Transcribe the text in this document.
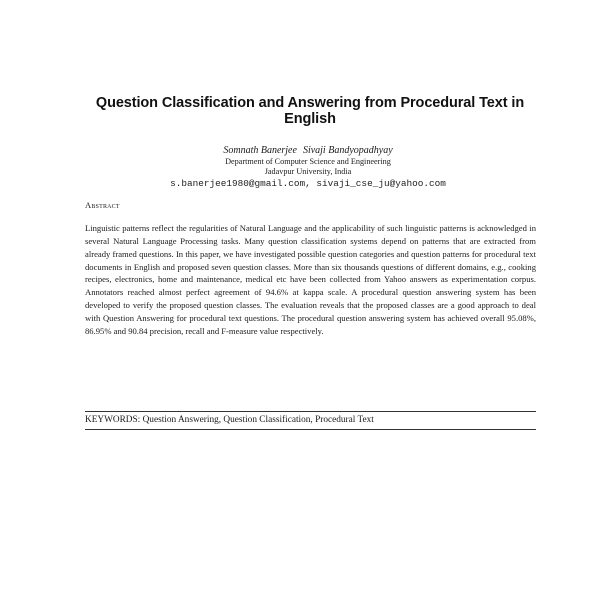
Question Classification and Answering from Procedural Text in English
Somnath Banerjee Sivaji Bandyopadhyay
Department of Computer Science and Engineering
Jadavpur University, India
s.banerjee1980@gmail.com, sivaji_cse_ju@yahoo.com
Abstract
Linguistic patterns reflect the regularities of Natural Language and the applicability of such linguistic patterns is acknowledged in several Natural Language Processing tasks. Many question classification systems depend on patterns that are extracted from already framed questions. In this paper, we have investigated possible question categories and question patterns for procedural text documents in English and proposed seven question classes. More than six thousands questions of different domains, e.g., cooking recipes, electronics, home and maintenance, medical etc have been collected from Yahoo answers as experimentation corpus. Annotators reached almost perfect agreement of 94.6% at kappa scale. A procedural question answering system has been developed to verify the proposed question classes. The evaluation reveals that the proposed classes are a good approach to deal with Question Answering for procedural text questions. The procedural question answering system has achieved overall 95.08%, 86.95% and 90.84 precision, recall and F-measure value respectively.
KEYWORDS: Question Answering, Question Classification, Procedural Text
